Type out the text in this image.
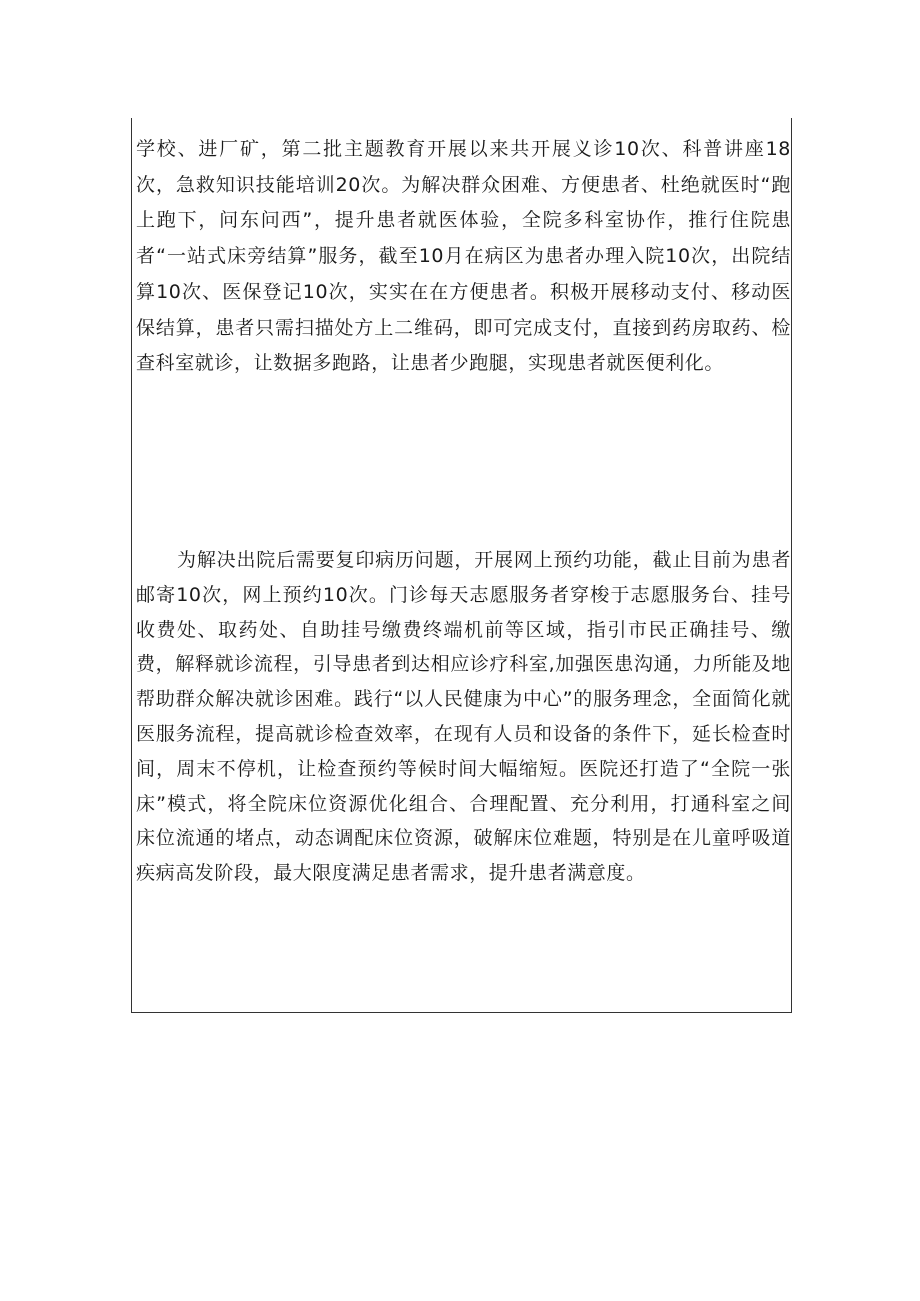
学校、进厂矿，第二批主题教育开展以来共开展义诊10次、科普讲座18次，急救知识技能培训20次。为解决群众困难、方便患者、杜绝就医时“跑上跑下，问东问西”，提升患者就医体验，全院多科室协作，推行住院患者“一站式床旁结算”服务，截至10月在病区为患者办理入院10次，出院结算10次、医保登记10次，实实在在方便患者。积极开展移动支付、移动医保结算，患者只需扫描处方上二维码，即可完成支付，直接到药房取药、检查科室就诊，让数据多跑路，让患者少跑腿，实现患者就医便利化。

为解决出院后需要复印病历问题，开展网上预约功能，截止目前为患者邮寄10次，网上预约10次。门诊每天志愿服务者穿梭于志愿服务台、挂号收费处、取药处、自助挂号缴费终端机前等区域，指引市民正确挂号、缴费，解释就诊流程，引导患者到达相应诊疗科室,加强医患沟通，力所能及地帮助群众解决就诊困难。践行“以人民健康为中心”的服务理念，全面简化就医服务流程，提高就诊检查效率，在现有人员和设备的条件下，延长检查时间，周末不停机，让检查预约等候时间大幅缩短。医院还打造了“全院一张床”模式，将全院床位资源优化组合、合理配置、充分利用，打通科室之间床位流通的堵点，动态调配床位资源，破解床位难题，特别是在儿童呼吸道疾病高发阶段，最大限度满足患者需求，提升患者满意度。
